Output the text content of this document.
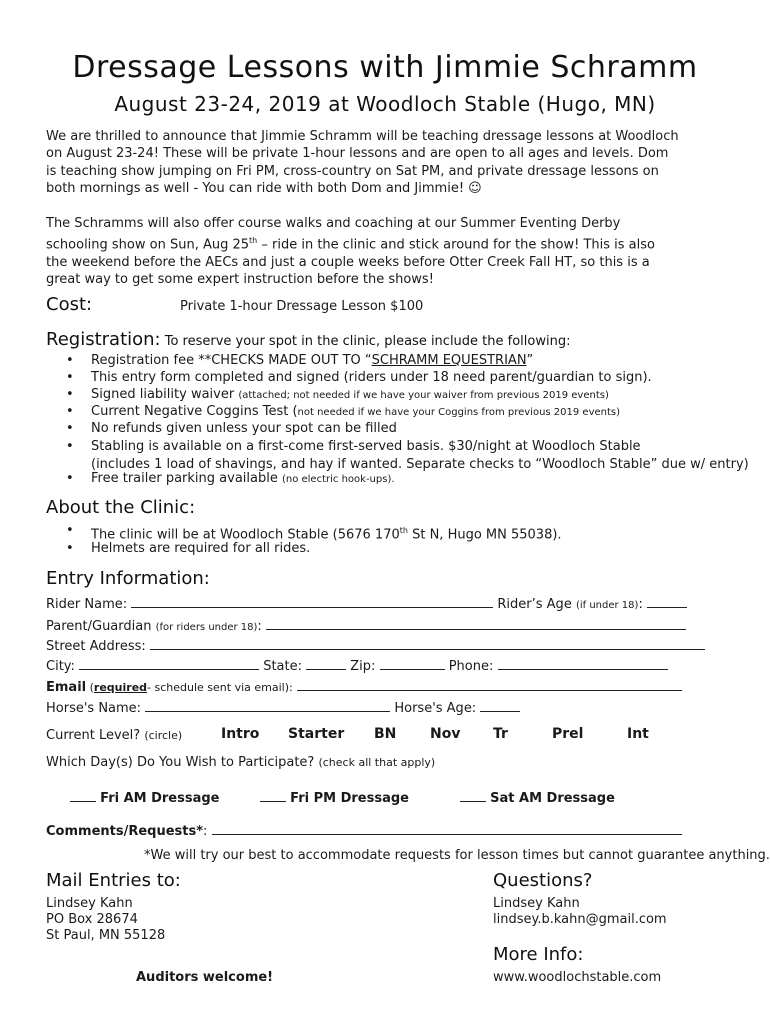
Dressage Lessons with Jimmie Schramm
August 23-24, 2019 at Woodloch Stable (Hugo, MN)
We are thrilled to announce that Jimmie Schramm will be teaching dressage lessons at Woodloch
on August 23-24! These will be private 1-hour lessons and are open to all ages and levels. Dom
is teaching show jumping on Fri PM, cross-country on Sat PM, and private dressage lessons on
both mornings as well - You can ride with both Dom and Jimmie! ☺
The Schramms will also offer course walks and coaching at our Summer Eventing Derby
schooling show on Sun, Aug 25th – ride in the clinic and stick around for the show! This is also
the weekend before the AECs and just a couple weeks before Otter Creek Fall HT, so this is a
great way to get some expert instruction before the shows!
Cost:	Private 1-hour Dressage Lesson $100
Registration: To reserve your spot in the clinic, please include the following:
• Registration fee **CHECKS MADE OUT TO “SCHRAMM EQUESTRIAN”
• This entry form completed and signed (riders under 18 need parent/guardian to sign).
• Signed liability waiver (attached; not needed if we have your waiver from previous 2019 events)
• Current Negative Coggins Test (not needed if we have your Coggins from previous 2019 events)
• No refunds given unless your spot can be filled
• Stabling is available on a first-come first-served basis. $30/night at Woodloch Stable
(includes 1 load of shavings, and hay if wanted. Separate checks to “Woodloch Stable” due w/ entry)
• Free trailer parking available (no electric hook-ups).
About the Clinic:
• The clinic will be at Woodloch Stable (5676 170th St N, Hugo MN 55038).
• Helmets are required for all rides.
Entry Information:
Rider Name:	Rider’s Age (if under 18):
Parent/Guardian (for riders under 18):
Street Address:
City:	State:	Zip:	Phone:
Email (required- schedule sent via email):
Horse's Name:	Horse's Age:
Current Level? (circle)	Intro Starter BN Nov Tr	Prel	Int
Which Day(s) Do You Wish to Participate? (check all that apply)
Fri AM Dressage	Fri PM Dressage	Sat AM Dressage
Comments/Requests*:
*We will try our best to accommodate requests for lesson times but cannot guarantee anything.
Mail Entries to:
Lindsey Kahn
PO Box 28674
St Paul, MN 55128
Questions?
Lindsey Kahn
lindsey.b.kahn@gmail.com
More Info:
www.woodlochstable.com
Auditors welcome!
